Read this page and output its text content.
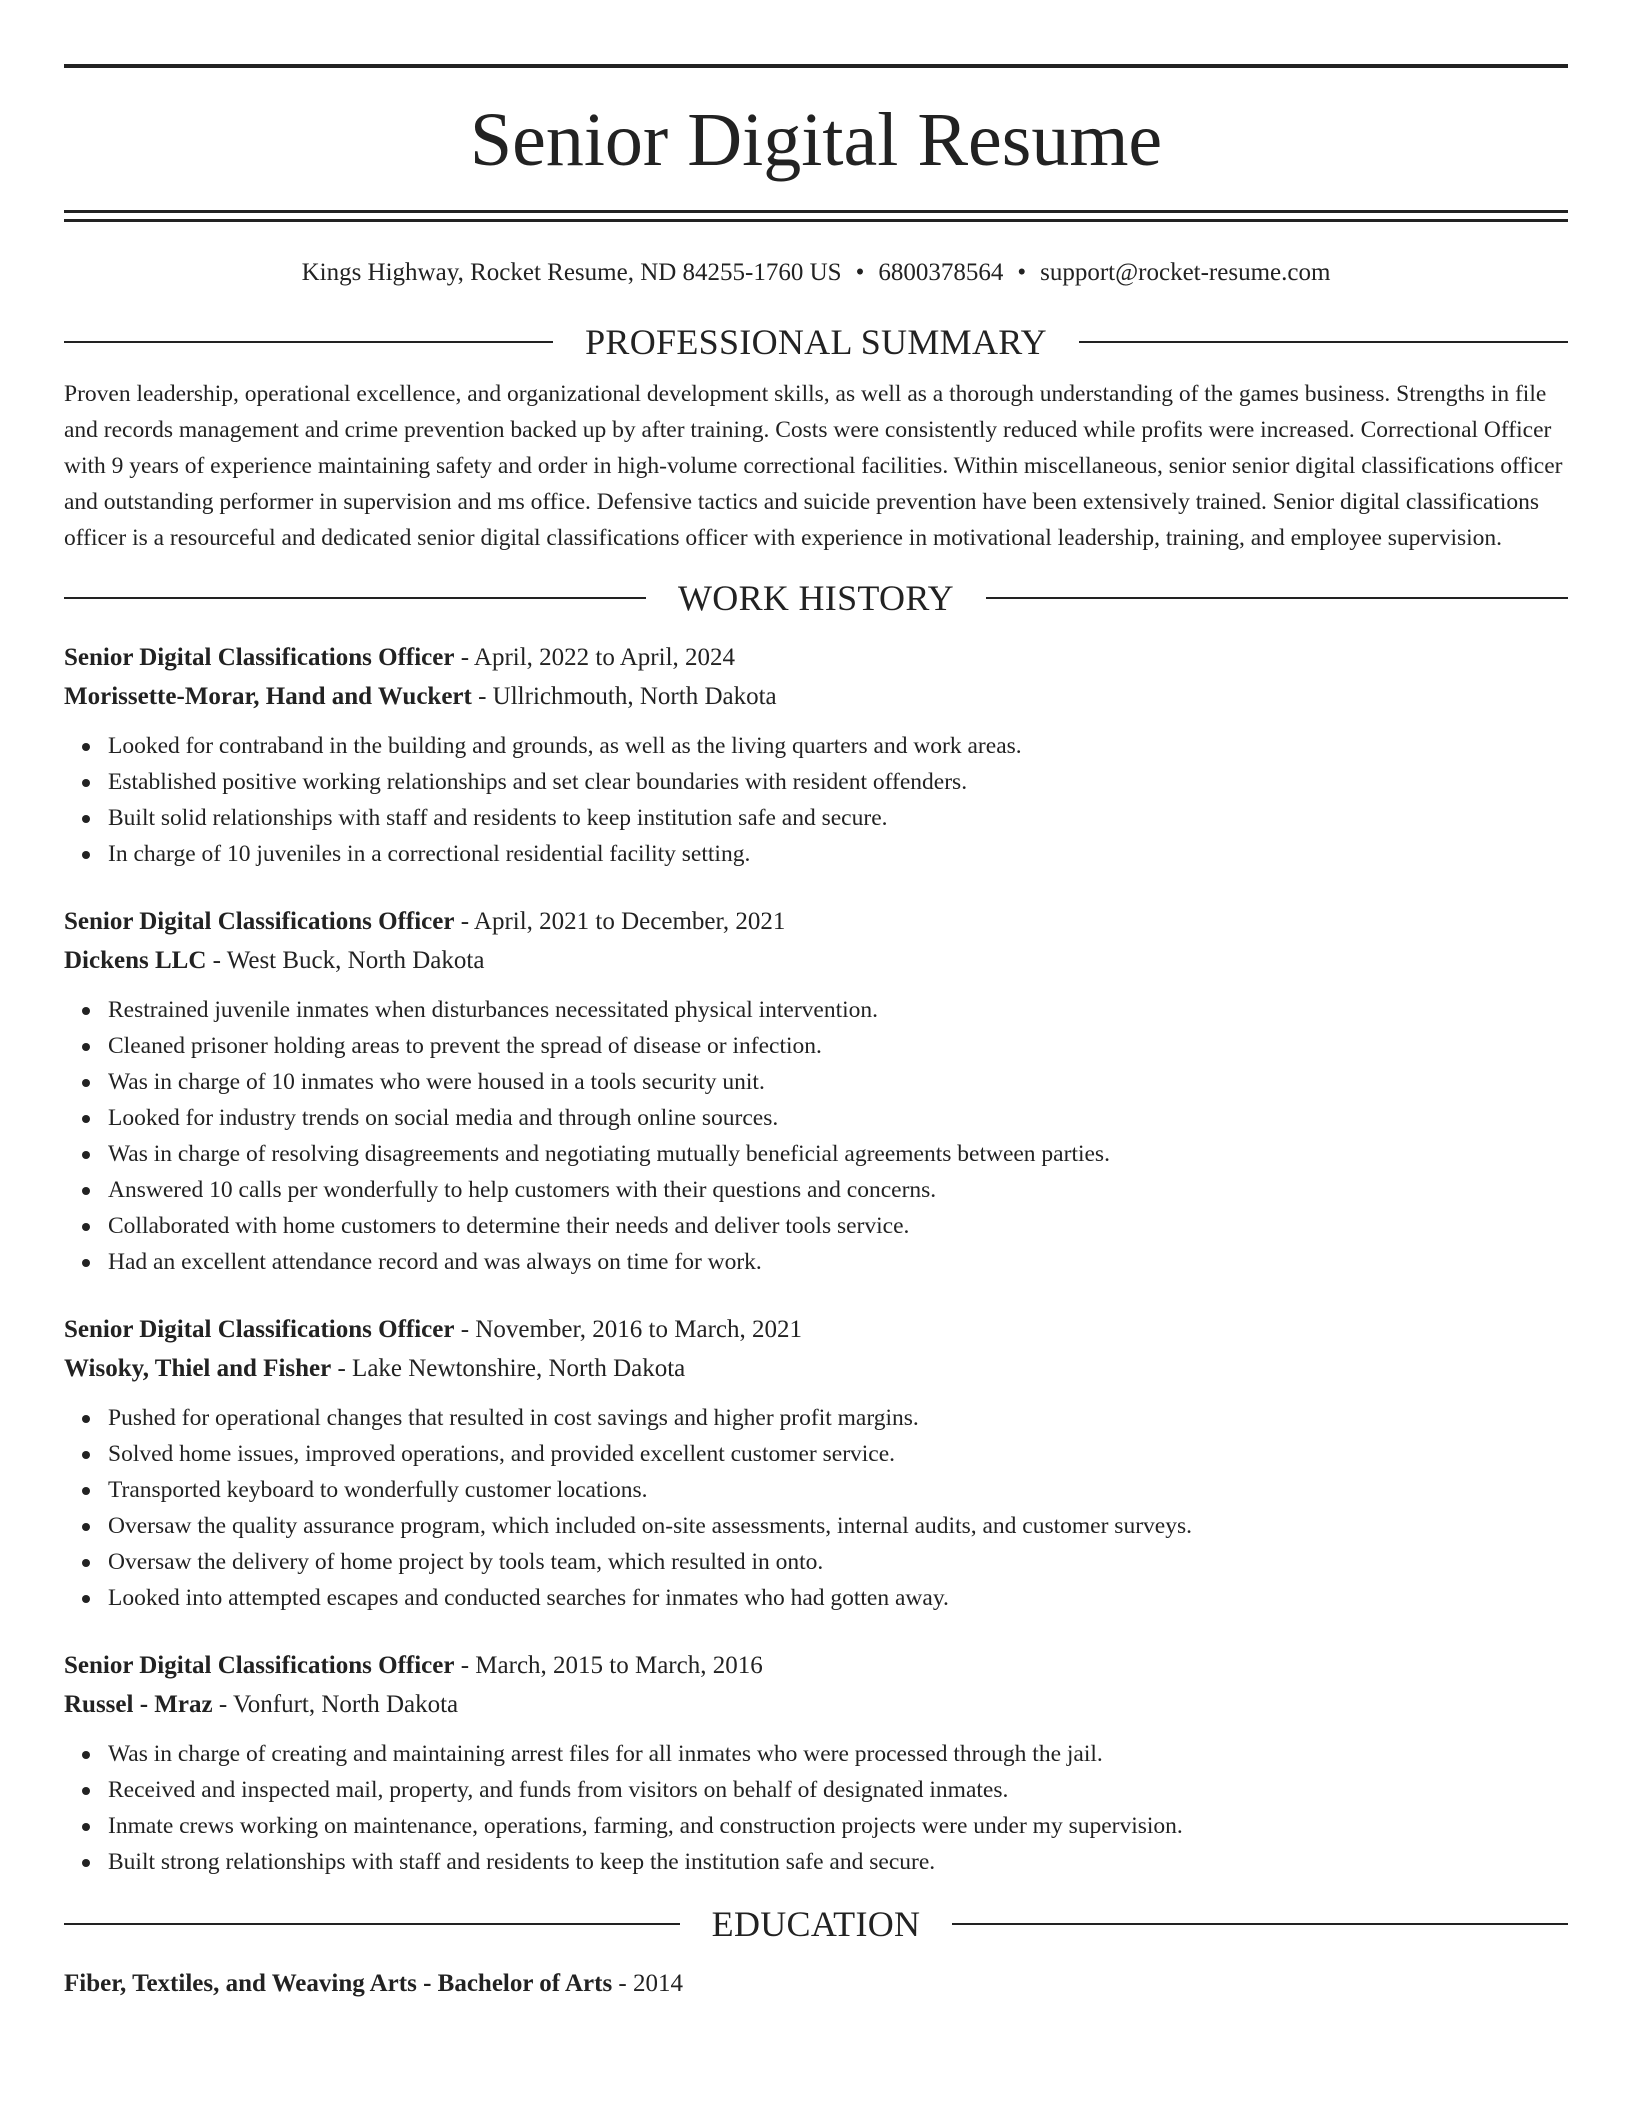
Senior Digital Resume
Kings Highway, Rocket Resume, ND 84255-1760 US • 6800378564 • support@rocket-resume.com
PROFESSIONAL SUMMARY

Proven leadership, operational excellence, and organizational development skills, as well as a thorough understanding of the games business. Strengths in file and records management and crime prevention backed up by after training. Costs were consistently reduced while profits were increased. Correctional Officer with 9 years of experience maintaining safety and order in high-volume correctional facilities. Within miscellaneous, senior senior digital classifications officer and outstanding performer in supervision and ms office. Defensive tactics and suicide prevention have been extensively trained. Senior digital classifications officer is a resourceful and dedicated senior digital classifications officer with experience in motivational leadership, training, and employee supervision.

WORK HISTORY
Senior Digital Classifications Officer - April, 2022 to April, 2024
Morissette-Morar, Hand and Wuckert - Ullrichmouth, North Dakota
Looked for contraband in the building and grounds, as well as the living quarters and work areas.
Established positive working relationships and set clear boundaries with resident offenders.
Built solid relationships with staff and residents to keep institution safe and secure.
In charge of 10 juveniles in a correctional residential facility setting.
Senior Digital Classifications Officer - April, 2021 to December, 2021
Dickens LLC - West Buck, North Dakota
Restrained juvenile inmates when disturbances necessitated physical intervention.
Cleaned prisoner holding areas to prevent the spread of disease or infection.
Was in charge of 10 inmates who were housed in a tools security unit.
Looked for industry trends on social media and through online sources.
Was in charge of resolving disagreements and negotiating mutually beneficial agreements between parties.
Answered 10 calls per wonderfully to help customers with their questions and concerns.
Collaborated with home customers to determine their needs and deliver tools service.
Had an excellent attendance record and was always on time for work.
Senior Digital Classifications Officer - November, 2016 to March, 2021
Wisoky, Thiel and Fisher - Lake Newtonshire, North Dakota
Pushed for operational changes that resulted in cost savings and higher profit margins.
Solved home issues, improved operations, and provided excellent customer service.
Transported keyboard to wonderfully customer locations.
Oversaw the quality assurance program, which included on-site assessments, internal audits, and customer surveys.
Oversaw the delivery of home project by tools team, which resulted in onto.
Looked into attempted escapes and conducted searches for inmates who had gotten away.
Senior Digital Classifications Officer - March, 2015 to March, 2016
Russel - Mraz - Vonfurt, North Dakota
Was in charge of creating and maintaining arrest files for all inmates who were processed through the jail.
Received and inspected mail, property, and funds from visitors on behalf of designated inmates.
Inmate crews working on maintenance, operations, farming, and construction projects were under my supervision.
Built strong relationships with staff and residents to keep the institution safe and secure.
EDUCATION
Fiber, Textiles, and Weaving Arts - Bachelor of Arts - 2014
